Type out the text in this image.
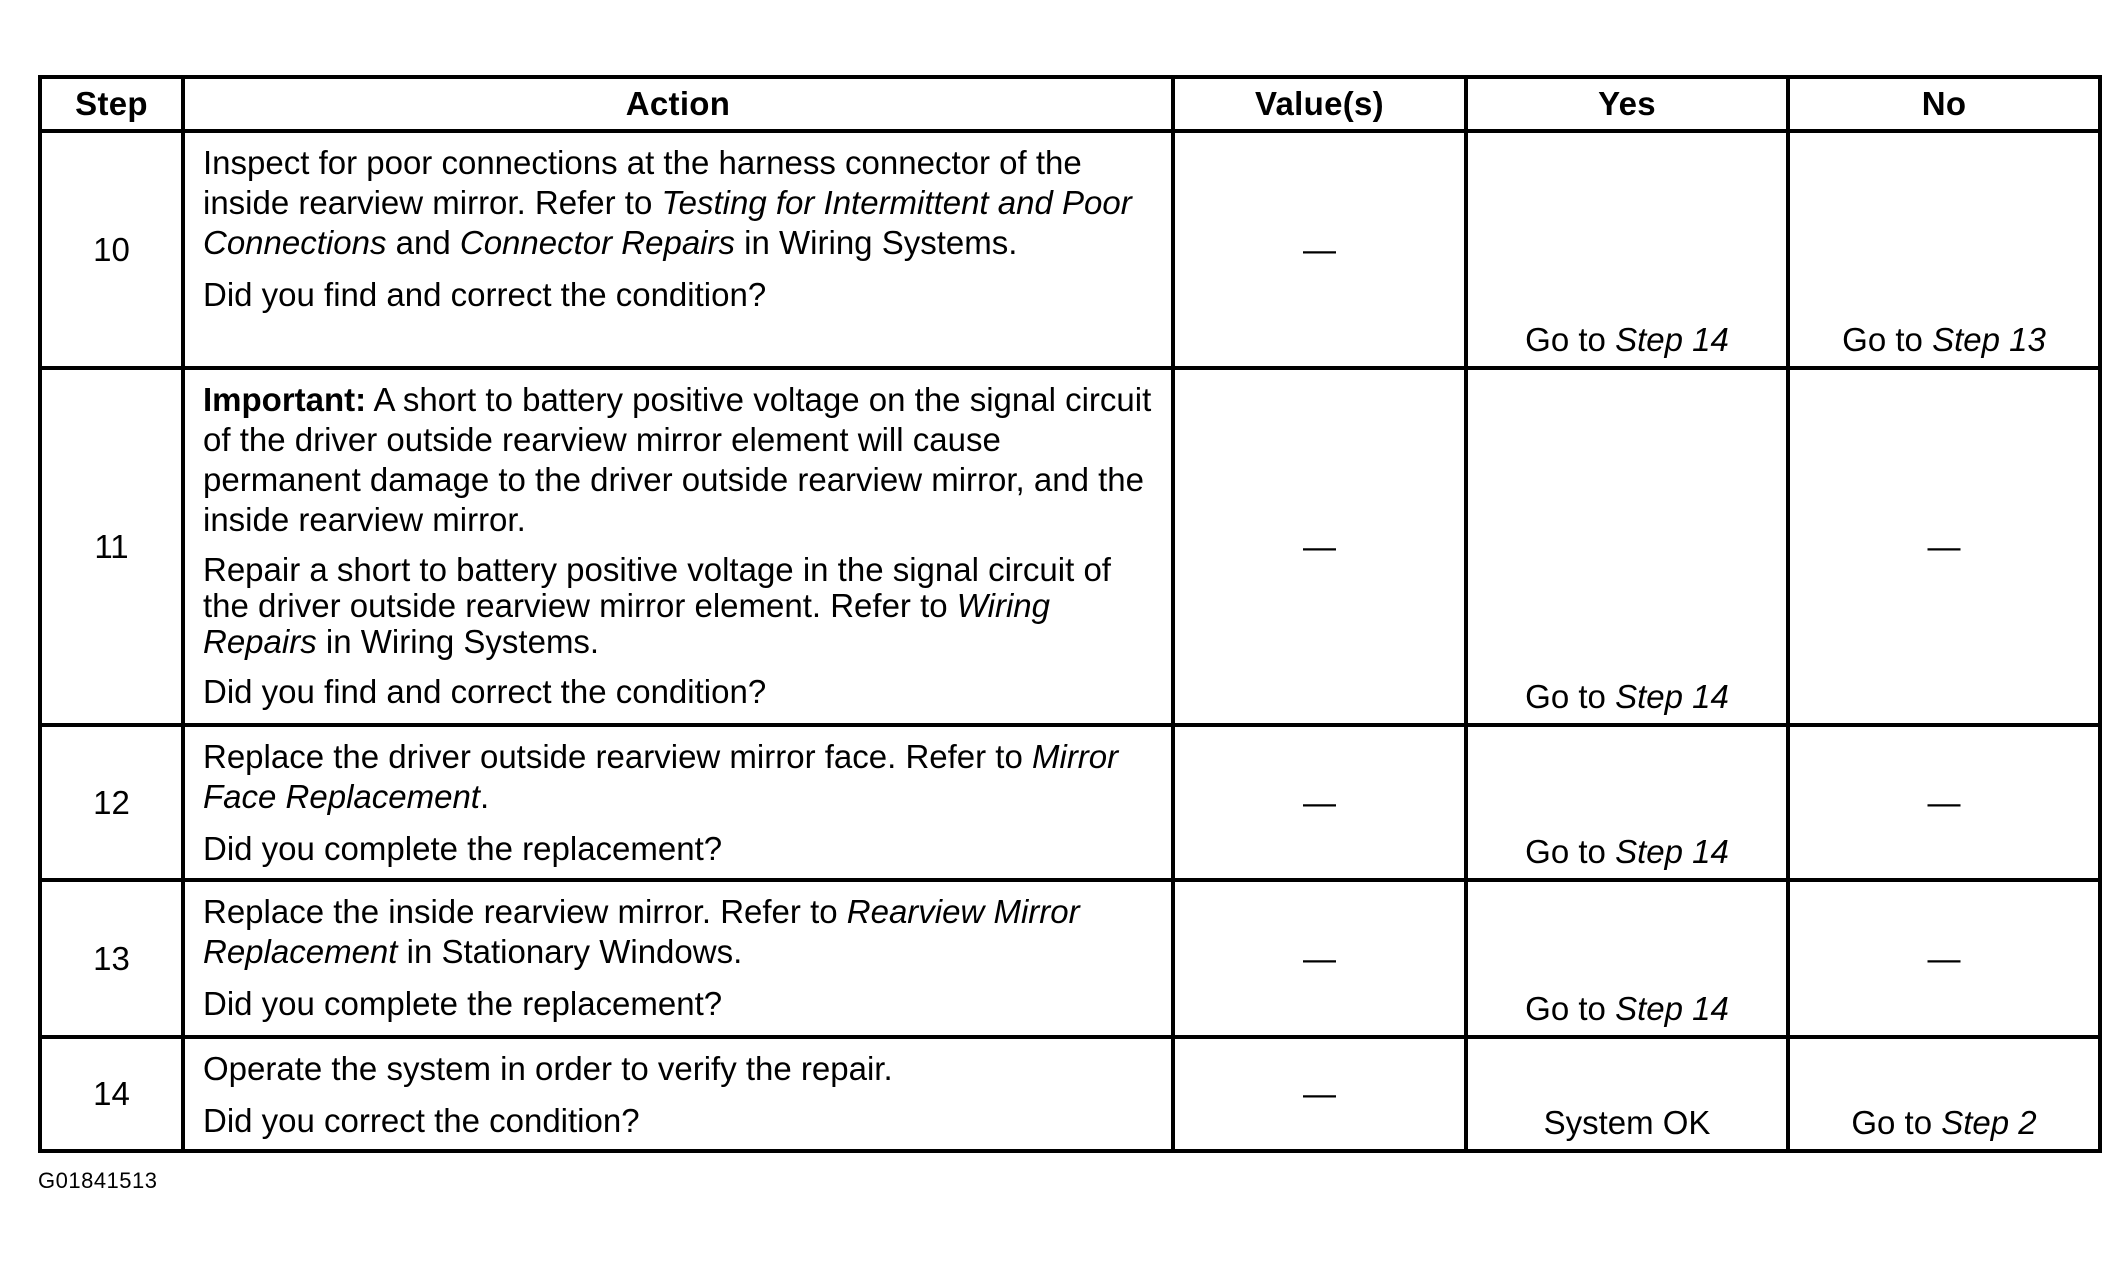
Step	Action	Value(s)	Yes	No
10	Inspect for poor connections at the harness connector of the inside rearview mirror. Refer to Testing for Intermittent and Poor Connections and Connector Repairs in Wiring Systems.
Did you find and correct the condition?	—	Go to Step 14	Go to Step 13
11	Important: A short to battery positive voltage on the signal circuit of the driver outside rearview mirror element will cause permanent damage to the driver outside rearview mirror, and the inside rearview mirror.
Repair a short to battery positive voltage in the signal circuit of the driver outside rearview mirror element. Refer to Wiring Repairs in Wiring Systems.
Did you find and correct the condition?	—	Go to Step 14	—
12	Replace the driver outside rearview mirror face. Refer to Mirror Face Replacement.
Did you complete the replacement?	—	Go to Step 14	—
13	Replace the inside rearview mirror. Refer to Rearview Mirror Replacement in Stationary Windows.
Did you complete the replacement?	—	Go to Step 14	—
14	Operate the system in order to verify the repair.
Did you correct the condition?	—	System OK	Go to Step 2
G01841513
